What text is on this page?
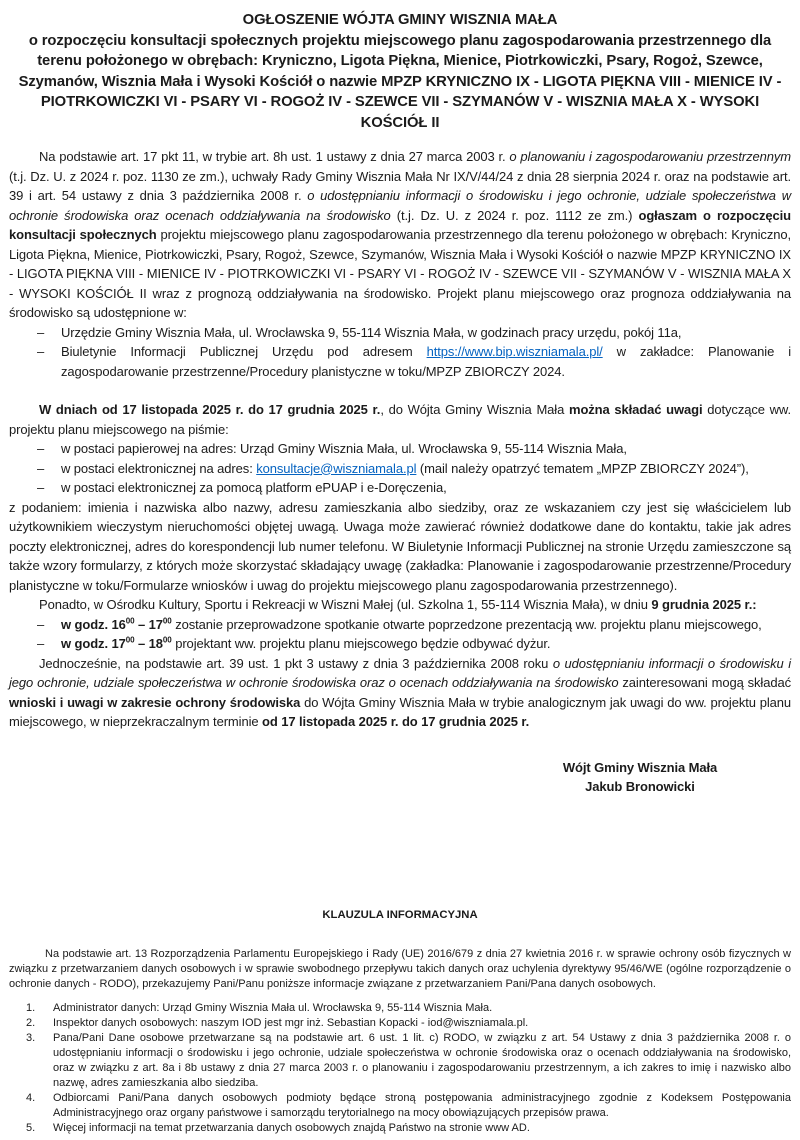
OGŁOSZENIE WÓJTA GMINY WISZNIA MAŁA
o rozpoczęciu konsultacji społecznych projektu miejscowego planu zagospodarowania przestrzennego dla terenu położonego w obrębach: Kryniczno, Ligota Piękna, Mienice, Piotrkowiczki, Psary, Rogoż, Szewce, Szymanów, Wisznia Mała i Wysoki Kościół o nazwie MPZP KRYNICZNO IX - LIGOTA PIĘKNA VIII - MIENICE IV - PIOTRKOWICZKI VI - PSARY VI - ROGOŻ IV - SZEWCE VII - SZYMANÓW V - WISZNIA MAŁA X - WYSOKI KOŚCIÓŁ II

Na podstawie art. 17 pkt 11, w trybie art. 8h ust. 1 ustawy z dnia 27 marca 2003 r. o planowaniu i zagospodarowaniu przestrzennym (t.j. Dz. U. z 2024 r. poz. 1130 ze zm.), uchwały Rady Gminy Wisznia Mała Nr IX/V/44/24 z dnia 28 sierpnia 2024 r. oraz na podstawie art. 39 i art. 54 ustawy z dnia 3 października 2008 r. o udostępnianiu informacji o środowisku i jego ochronie, udziale społeczeństwa w ochronie środowiska oraz ocenach oddziaływania na środowisko (t.j. Dz. U. z 2024 r. poz. 1112 ze zm.) ogłaszam o rozpoczęciu konsultacji społecznych projektu miejscowego planu zagospodarowania przestrzennego dla terenu położonego w obrębach: Kryniczno, Ligota Piękna, Mienice, Piotrkowiczki, Psary, Rogoż, Szewce, Szymanów, Wisznia Mała i Wysoki Kościół o nazwie MPZP KRYNICZNO IX - LIGOTA PIĘKNA VIII - MIENICE IV - PIOTRKOWICZKI VI - PSARY VI - ROGOŻ IV - SZEWCE VII - SZYMANÓW V - WISZNIA MAŁA X - WYSOKI KOŚCIÓŁ II wraz z prognozą oddziaływania na środowisko. Projekt planu miejscowego oraz prognoza oddziaływania na środowisko są udostępnione w:

– Urzędzie Gminy Wisznia Mała, ul. Wrocławska 9, 55-114 Wisznia Mała, w godzinach pracy urzędu, pokój 11a,
– Biuletynie Informacji Publicznej Urzędu pod adresem https://www.bip.wiszniamala.pl/ w zakładce: Planowanie i zagospodarowanie przestrzenne/Procedury planistyczne w toku/MPZP ZBIORCZY 2024.

W dniach od 17 listopada 2025 r. do 17 grudnia 2025 r., do Wójta Gminy Wisznia Mała można składać uwagi dotyczące ww. projektu planu miejscowego na piśmie:

– w postaci papierowej na adres: Urząd Gminy Wisznia Mała, ul. Wrocławska 9, 55-114 Wisznia Mała,
– w postaci elektronicznej na adres: konsultacje@wiszniamala.pl (mail należy opatrzyć tematem „MPZP ZBIORCZY 2024”),
– w postaci elektronicznej za pomocą platform ePUAP i e-Doręczenia,

z podaniem: imienia i nazwiska albo nazwy, adresu zamieszkania albo siedziby, oraz ze wskazaniem czy jest się właścicielem lub użytkownikiem wieczystym nieruchomości objętej uwagą. Uwaga może zawierać również dodatkowe dane do kontaktu, takie jak adres poczty elektronicznej, adres do korespondencji lub numer telefonu. W Biuletynie Informacji Publicznej na stronie Urzędu zamieszczone są także wzory formularzy, z których może skorzystać składający uwagę (zakładka: Planowanie i zagospodarowanie przestrzenne/Procedury planistyczne w toku/Formularze wniosków i uwag do projektu miejscowego planu zagospodarowania przestrzennego).

Ponadto, w Ośrodku Kultury, Sportu i Rekreacji w Wiszni Małej (ul. Szkolna 1, 55-114 Wisznia Mała), w dniu 9 grudnia 2025 r.:

– w godz. $16^{00} - 17^{00}$ zostanie przeprowadzone spotkanie otwarte poprzedzone prezentacją ww. projektu planu miejscowego,
– w godz. $17^{00} - 18^{00}$ projektant ww. projektu planu miejscowego będzie odbywać dyżur.

Jednocześnie, na podstawie art. 39 ust. 1 pkt 3 ustawy z dnia 3 października 2008 roku o udostępnianiu informacji o środowisku i jego ochronie, udziale społeczeństwa w ochronie środowiska oraz o ocenach oddziaływania na środowisko zainteresowani mogą składać wnioski i uwagi w zakresie ochrony środowiska do Wójta Gminy Wisznia Mała w trybie analogicznym jak uwagi do ww. projektu planu miejscowego, w nieprzekraczalnym terminie od 17 listopada 2025 r. do 17 grudnia 2025 r.

Wójt Gminy Wisznia Mała
Jakub Bronowicki
KLAUZULA INFORMACYJNA

Na podstawie art. 13 Rozporządzenia Parlamentu Europejskiego i Rady (UE) 2016/679 z dnia 27 kwietnia 2016 r. w sprawie ochrony osób fizycznych w związku z przetwarzaniem danych osobowych i w sprawie swobodnego przepływu takich danych oraz uchylenia dyrektywy 95/46/WE (ogólne rozporządzenie o ochronie danych - RODO), przekazujemy Pani/Panu poniższe informacje związane z przetwarzaniem Pani/Pana danych osobowych.

1. Administrator danych: Urząd Gminy Wisznia Mała ul. Wrocławska 9, 55-114 Wisznia Mała.
2. Inspektor danych osobowych: naszym IOD jest mgr inż. Sebastian Kopacki - iod@wiszniamala.pl.
3. Pana/Pani Dane osobowe przetwarzane są na podstawie art. 6 ust. 1 lit. c) RODO, w związku z art. 54 Ustawy z dnia 3 października 2008 r. o udostępnianiu informacji o środowisku i jego ochronie, udziale społeczeństwa w ochronie środowiska oraz o ocenach oddziaływania na środowisko, oraz w związku z art. 8a i 8b ustawy z dnia 27 marca 2003 r. o planowaniu i zagospodarowaniu przestrzennym, a ich zakres to imię i nazwisko albo nazwę, adres zamieszkania albo siedziba.
4. Odbiorcami Pani/Pana danych osobowych podmioty będące stroną postępowania administracyjnego zgodnie z Kodeksem Postępowania Administracyjnego oraz organy państwowe i samorządu terytorialnego na mocy obowiązujących przepisów prawa.
5. Więcej informacji na temat przetwarzania danych osobowych znajdą Państwo na stronie www AD.
